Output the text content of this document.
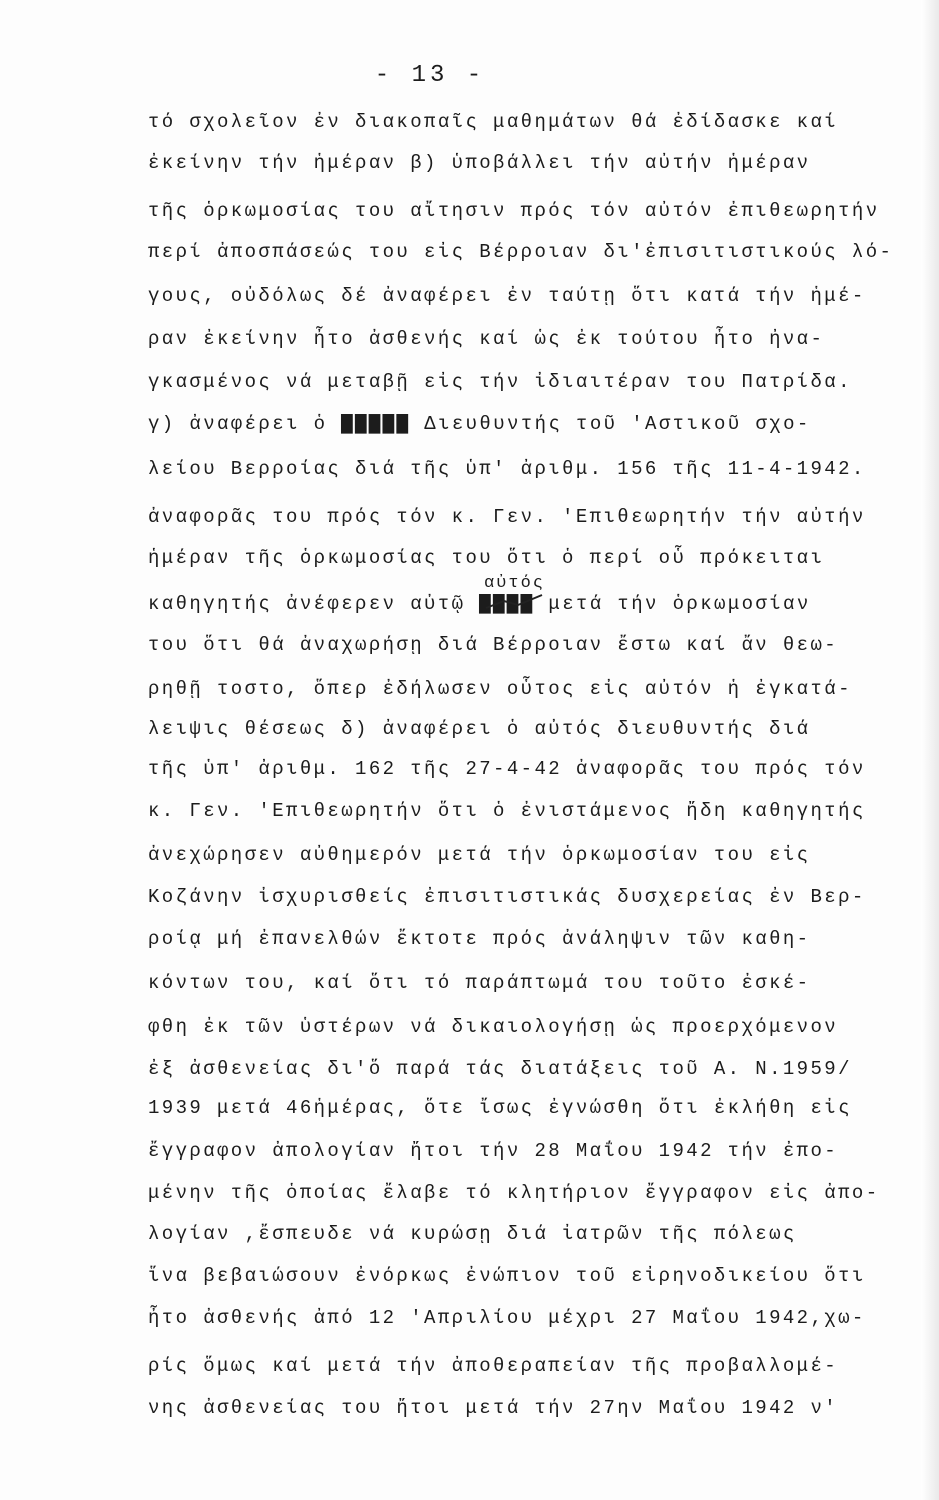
- 13 -
τό σχολεῖον ἐν διακοπαῖς μαθημάτων θά ἐδίδασκε καί
ἐκείνην τήν ἡμέραν β) ὑποβάλλει τήν αὐτήν ἡμέραν
τῆς ὁρκωμοσίας του αἴτησιν πρός τόν αὐτόν ἐπιθεωρητήν
περί ἀποσπάσεώς του εἰς Βέρροιαν δι'ἐπισιτιστικούς λό-
γους, οὐδόλως δέ ἀναφέρει ἐν ταύτῃ ὅτι κατά τήν ἡμέ-
ραν ἐκείνην ἦτο ἀσθενής καί ὡς ἐκ τούτου ἦτο ἠνα-
γκασμένος νά μεταβῇ εἰς τήν ἰδιαιτέραν του Πατρίδα.
γ) ἀναφέρει ὁ ▇▇▇▇▇ Διευθυντής τοῦ 'Αστικοῦ σχο-
λείου Βερροίας διά τῆς ὑπ' ἀριθμ. 156 τῆς 11-4-1942.
ἀναφορᾶς του πρός τόν κ. Γεν. 'Επιθεωρητήν τήν αὐτήν
ἡμέραν τῆς ὁρκωμοσίας του ὅτι ὁ περί οὗ πρόκειται
καθηγητής ἀνέφερεν αὐτῷ ▇▇▇▇ μετά τήν ὁρκωμοσίαν
του ὅτι θά ἀναχωρήσῃ διά Βέρροιαν ἔστω καί ἄν θεω-
ρηθῇ τοστο, ὅπερ ἐδήλωσεν οὗτος εἰς αὐτόν ἡ ἐγκατά-
λειψις θέσεως δ) ἀναφέρει ὁ αὐτός διευθυντής διά
τῆς ὑπ' ἀριθμ. 162 τῆς 27-4-42 ἀναφορᾶς του πρός τόν
κ. Γεν. 'Επιθεωρητήν ὅτι ὁ ἐνιστάμενος ἤδη καθηγητής
ἀνεχώρησεν αὐθημερόν μετά τήν ὁρκωμοσίαν του εἰς
Κοζάνην ἰσχυρισθείς ἐπισιτιστικάς δυσχερείας ἐν Βερ-
ροίᾳ μή ἐπανελθών ἔκτοτε πρός ἀνάληψιν τῶν καθη-
κόντων του, καί ὅτι τό παράπτωμά του τοῦτο ἐσκέ-
φθη ἐκ τῶν ὑστέρων νά δικαιολογήσῃ ὡς προερχόμενον
ἐξ ἀσθενείας δι'ὅ παρά τάς διατάξεις τοῦ Α. Ν.1959/
1939 μετά 46ἡμέρας, ὅτε ἴσως ἐγνώσθη ὅτι ἐκλήθη εἰς
ἔγγραφον ἀπολογίαν ἤτοι τήν 28 Μαΐου 1942 τήν ἐπο-
μένην τῆς ὁποίας ἔλαβε τό κλητήριον ἔγγραφον εἰς ἀπο-
λογίαν ,ἔσπευδε νά κυρώσῃ διά ἰατρῶν τῆς πόλεως
ἵνα βεβαιώσουν ἐνόρκως ἐνώπιον τοῦ εἰρηνοδικείου ὅτι
ἦτο ἀσθενής ἀπό 12 'Απριλίου μέχρι 27 Μαΐου 1942,χω-
ρίς ὅμως καί μετά τήν ἀποθεραπείαν τῆς προβαλλομέ-
νης ἀσθενείας του ἤτοι μετά τήν 27ην Μαΐου 1942 ν'
αὐτός
